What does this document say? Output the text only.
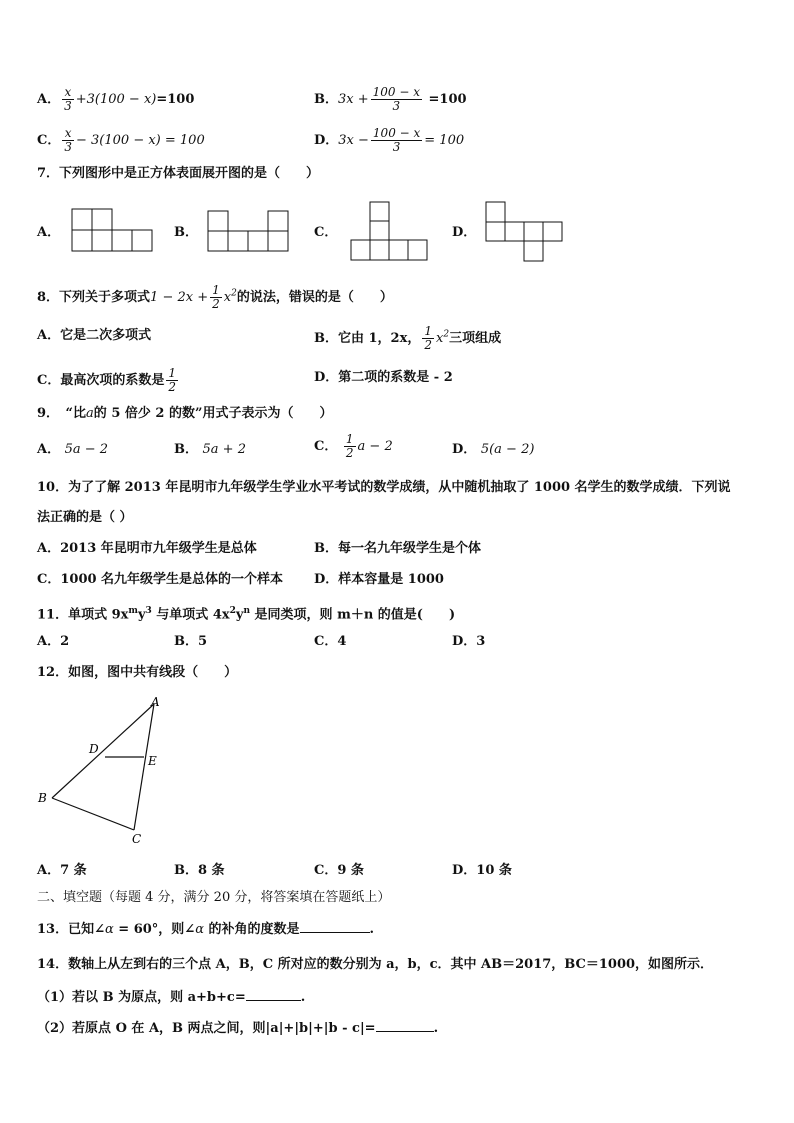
A． $\frac{x}{3} +3(100 - x)=100$	B．$3x + \frac{100 - x}{3} =100$
C． $\frac{x}{3} - 3(100 - x) = 100$	D．$3x - \frac{100 - x}{3} = 100$
7．下列图形中是正方体表面展开图的是（　　）
A．	B．	C．	D．
8．下列关于多项式$1 - 2x + \frac{1}{2} x^2$的说法，错误的是（　　）
A．它是二次多项式	B．它由 1，2x， $\frac{1}{2} x^2$三项组成
C．最高次项的系数是 $\frac{1}{2}$	D．第二项的系数是 - 2
9．　“比a的 5 倍少 2 的数”用式子表示为（　　）
A． 5a − 2	B． 5a + 2	C． $\frac{1}{2}$ a − 2	D． 5(a − 2)
10．为了了解 2013 年昆明市九年级学生学业水平考试的数学成绩，从中随机抽取了 1000 名学生的数学成绩．下列说
法正确的是（ ）
A．2013 年昆明市九年级学生是总体	B．每一名九年级学生是个体
C．1000 名九年级学生是总体的一个样本 D．样本容量是 1000
11．单项式 $9x^my^3$ 与单项式 $4x^2y^n$ 是同类项，则 m＋n 的值是(　　)
A．2	B．5	C．4	D．3
12．如图，图中共有线段（　　）
A
D
E
B
C
A．7 条	B．8 条	C．9 条	D．10 条
二、填空题（每题 4 分，满分 20 分，将答案填在答题纸上）
13．已知∠α = 60°，则∠α 的补角的度数是	.
14．数轴上从左到右的三个点 A，B，C 所对应的数分别为 a，b，c．其中 AB＝2017，BC＝1000，如图所示．
（1）若以 B 为原点，则 a+b+c=	.
（2）若原点 O 在 A，B 两点之间，则|a|+|b|+|b - c|=	.
